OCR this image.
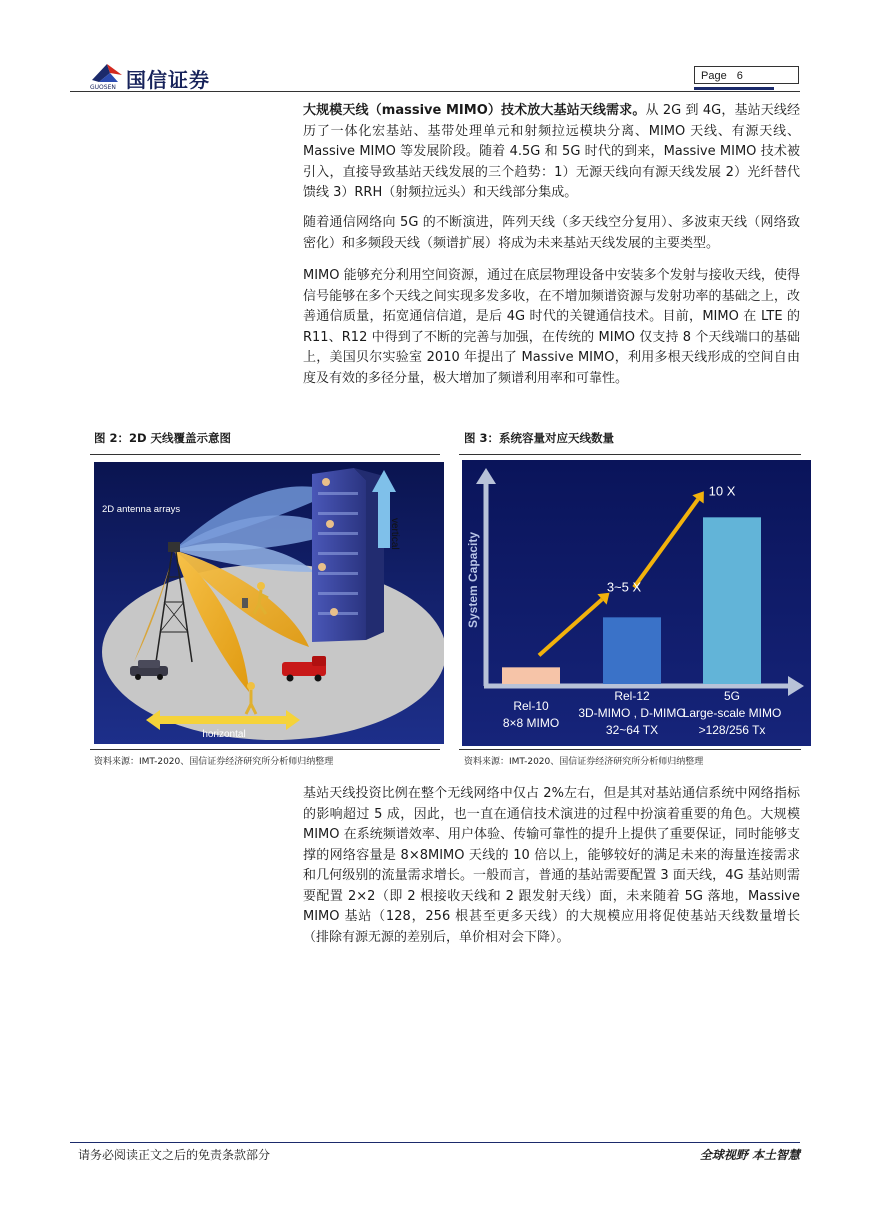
国信证券
GUOSEN
Page 6
大规模天线（massive MIMO）技术放大基站天线需求。从 2G 到 4G，基站天线经历了一体化宏基站、基带处理单元和射频拉远模块分离、MIMO 天线、有源天线、Massive MIMO 等发展阶段。随着 4.5G 和 5G 时代的到来，Massive MIMO 技术被引入，直接导致基站天线发展的三个趋势：1）无源天线向有源天线发展 2）光纤替代馈线 3）RRH（射频拉远头）和天线部分集成。
随着通信网络向 5G 的不断演进，阵列天线（多天线空分复用）、多波束天线（网络致密化）和多频段天线（频谱扩展）将成为未来基站天线发展的主要类型。
MIMO 能够充分利用空间资源，通过在底层物理设备中安装多个发射与接收天线，使得信号能够在多个天线之间实现多发多收，在不增加频谱资源与发射功率的基础之上，改善通信质量，拓宽通信信道，是后 4G 时代的关键通信技术。目前，MIMO 在 LTE 的 R11、R12 中得到了不断的完善与加强，在传统的 MIMO 仅支持 8 个天线端口的基础上，美国贝尔实验室 2010 年提出了 Massive MIMO，利用多根天线形成的空间自由度及有效的多径分量，极大增加了频谱利用率和可靠性。
图 2：2D 天线覆盖示意图
vertical
2D antenna arrays
horizontal
资料来源：IMT-2020、国信证券经济研究所分析师归纳整理
图 3：系统容量对应天线数量
System Capacity	3~5 X
10 X
Rel-10
8×8 MIMO
Rel-12
3D-MIMO , D-MIMO
32~64 TX
5G
Large-scale MIMO
>128/256 Tx
资料来源：IMT-2020、国信证券经济研究所分析师归纳整理
基站天线投资比例在整个无线网络中仅占 2%左右，但是其对基站通信系统中网络指标的影响超过 5 成，因此，也一直在通信技术演进的过程中扮演着重要的角色。大规模 MIMO 在系统频谱效率、用户体验、传输可靠性的提升上提供了重要保证，同时能够支撑的网络容量是 8×8MIMO 天线的 10 倍以上，能够较好的满足未来的海量连接需求和几何级别的流量需求增长。一般而言，普通的基站需要配置 3 面天线，4G 基站则需要配置 2×2（即 2 根接收天线和 2 跟发射天线）面，未来随着 5G 落地，Massive MIMO 基站（128，256 根甚至更多天线）的大规模应用将促使基站天线数量增长（排除有源无源的差别后，单价相对会下降）。
请务必阅读正文之后的免责条款部分	全球视野 本土智慧
